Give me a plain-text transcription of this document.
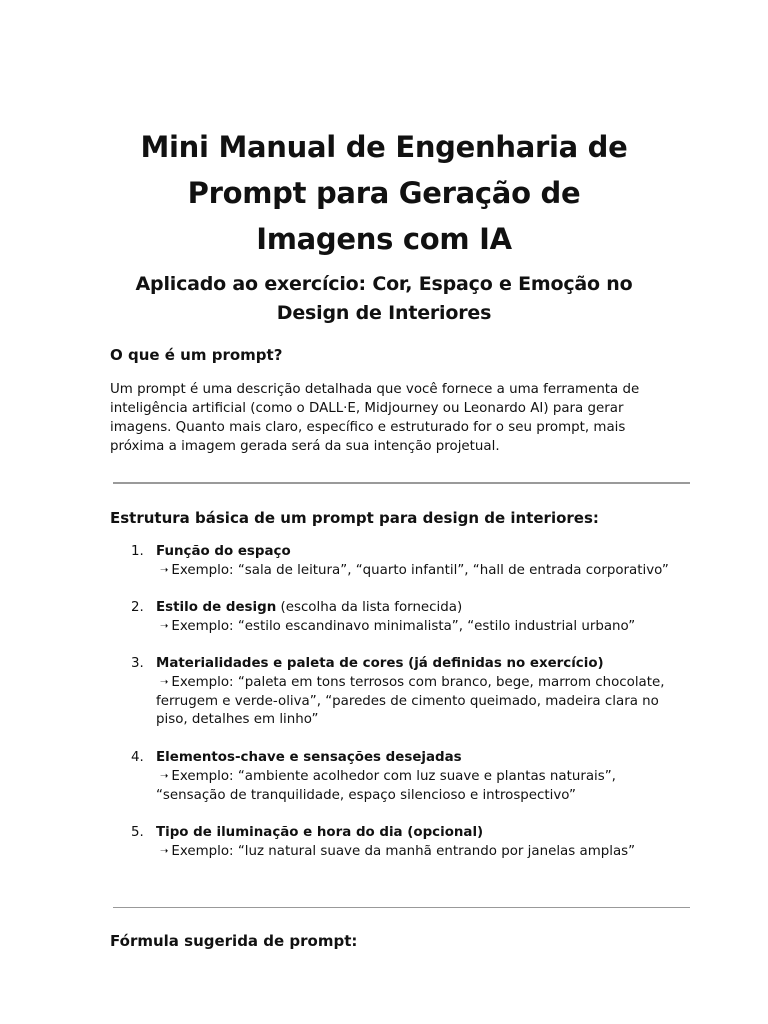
Mini Manual de Engenharia de
Prompt para Geração de
Imagens com IA
Aplicado ao exercício: Cor, Espaço e Emoção no
Design de Interiores
O que é um prompt?

Um prompt é uma descrição detalhada que você fornece a uma ferramenta de

inteligência artificial (como o DALL·E, Midjourney ou Leonardo AI) para gerar

imagens. Quanto mais claro, específico e estruturado for o seu prompt, mais

próxima a imagem gerada será da sua intenção projetual.

Estrutura básica de um prompt para design de interiores:
1. Função do espaço
➝ Exemplo: “sala de leitura”, “quarto infantil”, “hall de entrada corporativo”
2. Estilo de design (escolha da lista fornecida)
➝ Exemplo: “estilo escandinavo minimalista”, “estilo industrial urbano”
3. Materialidades e paleta de cores (já definidas no exercício)
➝ Exemplo: “paleta em tons terrosos com branco, bege, marrom chocolate,
ferrugem e verde-oliva”, “paredes de cimento queimado, madeira clara no
piso, detalhes em linho”
4. Elementos-chave e sensações desejadas
➝ Exemplo: “ambiente acolhedor com luz suave e plantas naturais”,
“sensação de tranquilidade, espaço silencioso e introspectivo”
5. Tipo de iluminação e hora do dia (opcional)
➝ Exemplo: “luz natural suave da manhã entrando por janelas amplas”
Fórmula sugerida de prompt:
